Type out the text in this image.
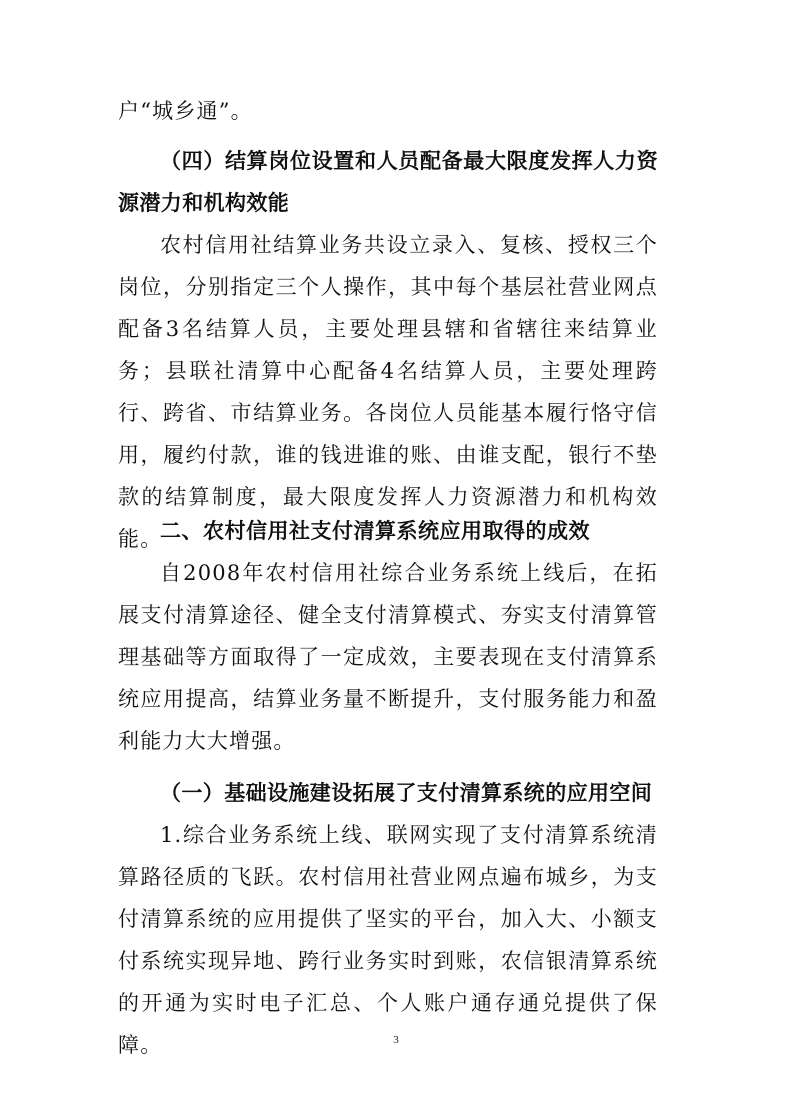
户“城乡通”。

（四）结算岗位设置和人员配备最大限度发挥人力资源潜力和机构效能

农村信用社结算业务共设立录入、复核、授权三个岗位，分别指定三个人操作，其中每个基层社营业网点配备3名结算人员，主要处理县辖和省辖往来结算业务；县联社清算中心配备4名结算人员，主要处理跨行、跨省、市结算业务。各岗位人员能基本履行恪守信用，履约付款，谁的钱进谁的账、由谁支配，银行不垫款的结算制度，最大限度发挥人力资源潜力和机构效能。

二、农村信用社支付清算系统应用取得的成效

自2008年农村信用社综合业务系统上线后，在拓展支付清算途径、健全支付清算模式、夯实支付清算管理基础等方面取得了一定成效，主要表现在支付清算系统应用提高，结算业务量不断提升，支付服务能力和盈利能力大大增强。

（一）基础设施建设拓展了支付清算系统的应用空间

1.综合业务系统上线、联网实现了支付清算系统清算路径质的飞跃。农村信用社营业网点遍布城乡，为支付清算系统的应用提供了坚实的平台，加入大、小额支付系统实现异地、跨行业务实时到账，农信银清算系统的开通为实时电子汇总、个人账户通存通兑提供了保障。	3
